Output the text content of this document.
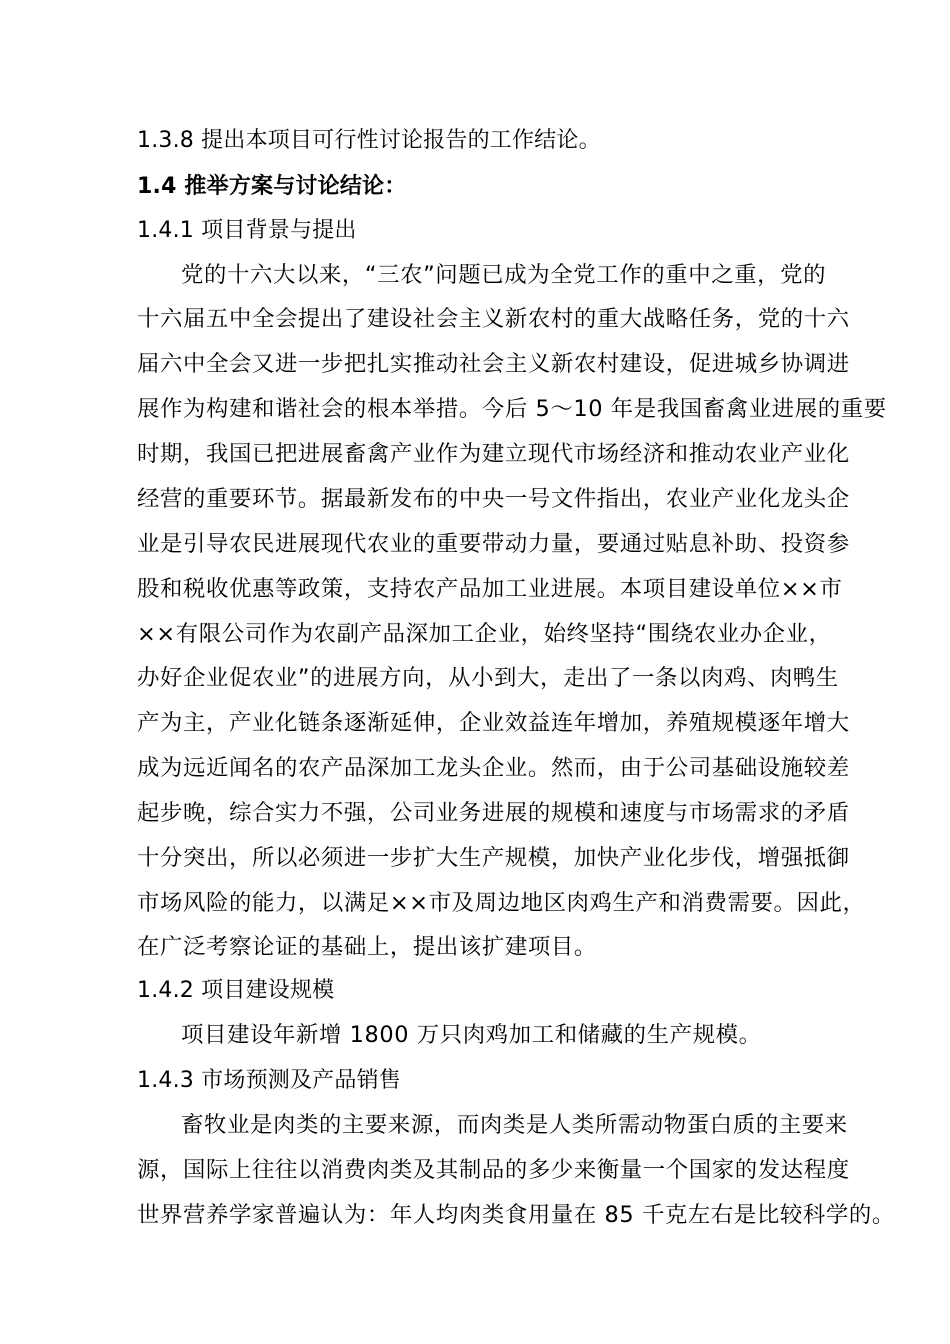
1.3.8 提出本项目可行性讨论报告的工作结论。
1.4 推举方案与讨论结论：
1.4.1 项目背景与提出
党的十六大以来，“三农”问题已成为全党工作的重中之重，党的
十六届五中全会提出了建设社会主义新农村的重大战略任务，党的十六
届六中全会又进一步把扎实推动社会主义新农村建设，促进城乡协调进
展作为构建和谐社会的根本举措。今后 5～10 年是我国畜禽业进展的重要
时期，我国已把进展畜禽产业作为建立现代市场经济和推动农业产业化
经营的重要环节。据最新发布的中央一号文件指出，农业产业化龙头企
业是引导农民进展现代农业的重要带动力量，要通过贴息补助、投资参
股和税收优惠等政策，支持农产品加工业进展。本项目建设单位××市
××有限公司作为农副产品深加工企业，始终坚持“围绕农业办企业，
办好企业促农业”的进展方向，从小到大，走出了一条以肉鸡、肉鸭生
产为主，产业化链条逐渐延伸，企业效益连年增加，养殖规模逐年增大
成为远近闻名的农产品深加工龙头企业。然而，由于公司基础设施较差
起步晚，综合实力不强，公司业务进展的规模和速度与市场需求的矛盾
十分突出，所以必须进一步扩大生产规模，加快产业化步伐，增强抵御
市场风险的能力，以满足××市及周边地区肉鸡生产和消费需要。因此，
在广泛考察论证的基础上，提出该扩建项目。
1.4.2 项目建设规模
项目建设年新增 1800 万只肉鸡加工和储藏的生产规模。
1.4.3 市场预测及产品销售
畜牧业是肉类的主要来源，而肉类是人类所需动物蛋白质的主要来
源，国际上往往以消费肉类及其制品的多少来衡量一个国家的发达程度
世界营养学家普遍认为：年人均肉类食用量在 85 千克左右是比较科学的。
